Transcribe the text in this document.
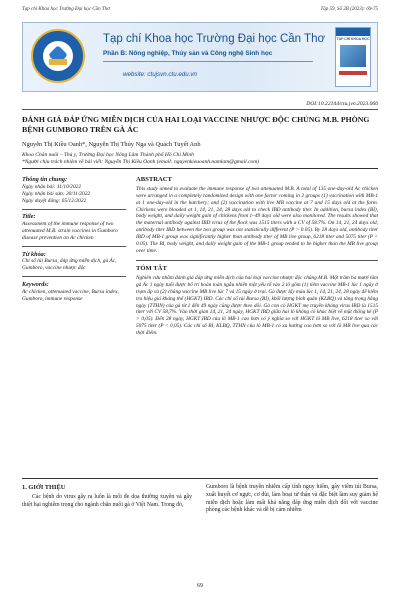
Tạp chí Khoa học Trường Đại học Cần Thơ	Tập 59, Số 2B (2023): 69-75
Tạp chí Khoa học Trường Đại học Cần Thơ
Phần B: Nông nghiệp, Thủy sản và Công nghệ Sinh học
website: ctujsvn.ctu.edu.vn
TẠP CHÍ KHOA HỌC
DOI:10.22144/ctu.jvn.2023.066
ĐÁNH GIÁ ĐÁP ỨNG MIỄN DỊCH CỦA HAI LOẠI VACCINE NHƯỢC ĐỘC CHỦNG M.B. PHÒNG BỆNH GUMBORO TRÊN GÀ ÁC
Nguyễn Thị Kiều Oanh*, Nguyễn Thị Thủy Nga và Quách Tuyết Anh
Khoa Chăn nuôi – Thú y, Trường Đại học Nông Lâm Thành phố Hồ Chí Minh
*Người chịu trách nhiệm về bài viết: Nguyễn Thị Kiều Oanh (email: nguyenkieuoanh.namlam@gmail.com)
Thông tin chung:
Ngày nhận bài: 11/10/2022
Ngày nhận bài sửa: 30/11/2022
Ngày duyệt đăng: 05/12/2022
Title:
Assessment of the immune response of two attenuated M.B. strain vaccines in Gumboro disease prevention on Ac chicken
Từ khóa:
Chỉ số túi Bursa, đáp ứng miễn dịch, gà Ác, Gumboro, vaccine nhược độc
Keywords:
Ac chicken, attenuated vaccine, Bursa index, Gumboro, immune response
ABSTRACT
This study aimed to evaluate the immune response of two attenuated M.B. A total of 135 one-day-old Ac chicken were arranged in a completely randomized design with one factor coming in 2 groups (1) vaccination with MB-1 at 1 one-day-old in the hatchery; and (2) vaccination with live MB vaccine at 7 and 15 days old at the farm. Chickens were blooded at 1, 14, 21, 24, 28 days old to check IBD antibody titer. In addition, bursa index (BI), body weight, and daily weight gain of chickens from 1–49 days old were also monitored. The results showed that the maternal antibody against IBD virus of the flock was 1515 titers with a CV of 58.7%. On 14, 21, 24 days old, antibody titer IBD between the two group was not statistically different (P > 0.05). By 28 days old, antibody titer IBD of MB-1 group was significantly higher than antibody titer of MB live group, 6218 titer and 5075 titer (P < 0.05). The BI, body weight, and daily weight gain of the MB-1 group tended to be higher than the MB live group over time.
TÓM TẮT
Nghiên cứu nhằm đánh giá đáp ứng miễn dịch của hai loại vaccine nhược độc chủng M.B. Một trăm ba mươi lăm gà Ác 1 ngày tuổi được bố trí hoàn toàn ngẫu nhiên một yếu tố vào 2 lô gồm (1) tiêm vaccine MB-1 lúc 1 ngày ở trạm ấp và (2) chủng vaccine MB live lúc 7 và 15 ngày ở trại. Gà được lấy máu lúc 1, 14, 21, 24, 28 ngày để kiểm tra hiệu giá kháng thể (HGKT) IBD. Các chỉ số túi Bursa (BI), khối lượng bình quân (KLBQ) và tăng trọng hằng ngày (TTHN) của gà từ 1 đến 49 ngày cũng được theo dõi. Gà con có HGKT mẹ truyền kháng virus IBD là 1515 titer với CV 58,7%. Vào thời gian 14, 21, 24 ngày, HGKT IBD giữa hai lô không có khác biệt về mặt thống kê (P > 0,05). Đến 28 ngày, HGKT IBD của lô MB-1 cao hơn có ý nghĩa so với HGKT lô MB live, 6218 titer so với 5075 titer (P < 0,05). Các chỉ số BI, KLBQ, TTHN của lô MB-1 có xu hướng cao hơn so với lô MB live qua các thời điểm.
1. GIỚI THIỆU
Các bệnh do virus gây ra luôn là mối đe dọa thường xuyên và gây thiệt hại nghiêm trọng cho ngành chăn nuôi gà ở Việt Nam. Trong đó,
Gumboro là bệnh truyền nhiễm cấp tính nguy hiểm, gây viêm túi Bursa, xuất huyết cơ ngực, cơ đùi, làm hoại tử thận và đặc biệt làm suy giảm hệ miễn dịch hoặc làm mất khả năng đáp ứng miễn dịch đối với vaccine phòng các bệnh khác và dễ bị cảm nhiễm
69
